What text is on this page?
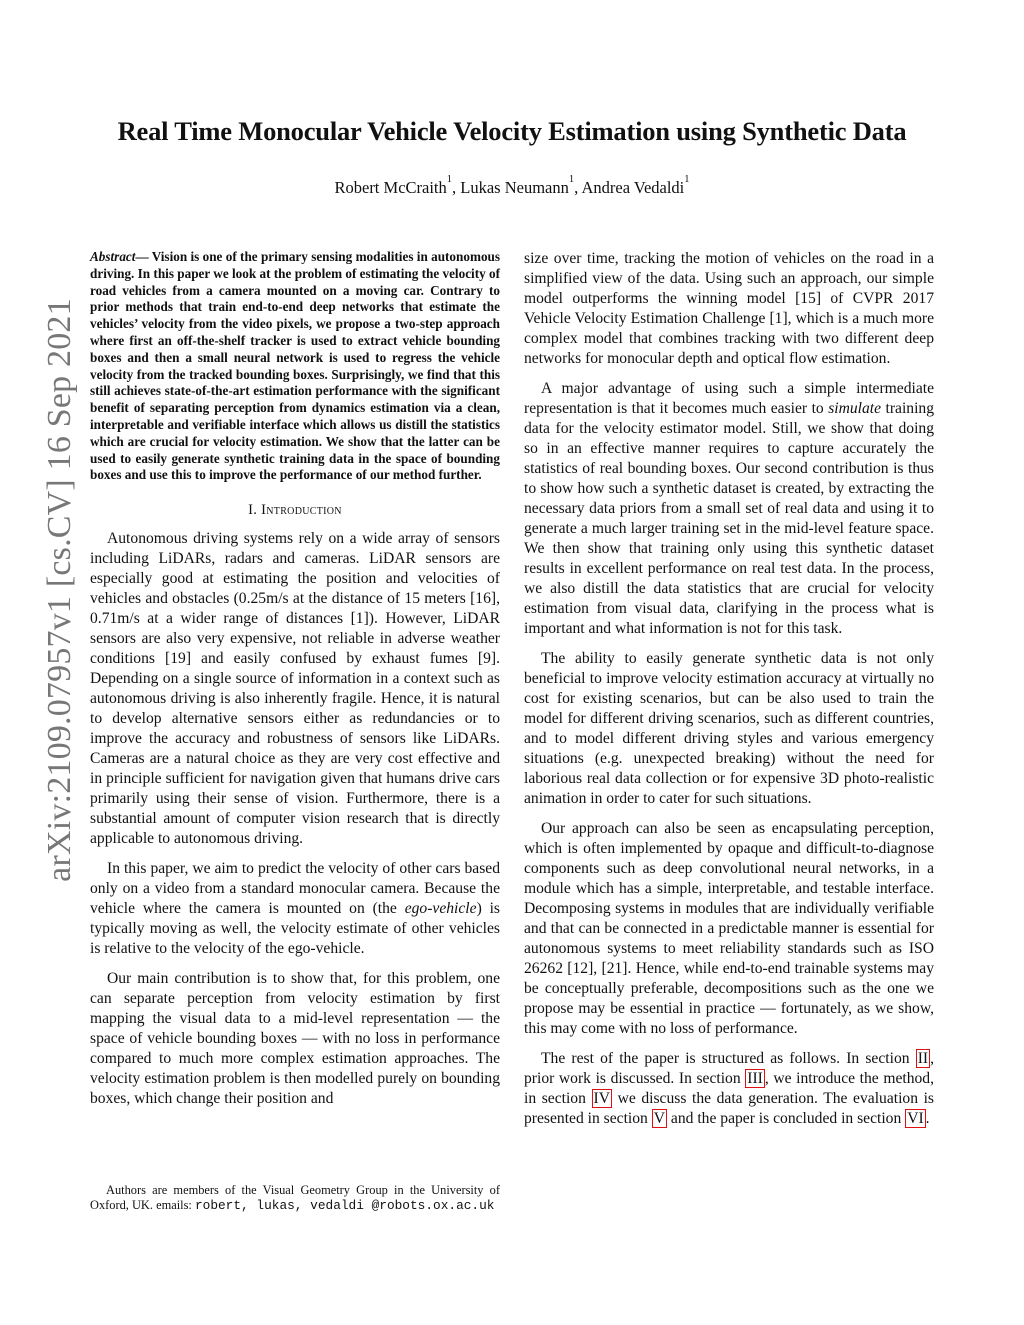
arXiv:2109.07957v1 [cs.CV] 16 Sep 2021
Real Time Monocular Vehicle Velocity Estimation using Synthetic Data
Robert McCraith$^1$, Lukas Neumann$^1$, Andrea Vedaldi$^1$

Abstract— Vision is one of the primary sensing modalities in autonomous driving. In this paper we look at the problem of estimating the velocity of road vehicles from a camera mounted on a moving car. Contrary to prior methods that train end-to-end deep networks that estimate the vehicles’ velocity from the video pixels, we propose a two-step approach where first an off-the-shelf tracker is used to extract vehicle bounding boxes and then a small neural network is used to regress the vehicle velocity from the tracked bounding boxes. Surprisingly, we find that this still achieves state-of-the-art estimation performance with the significant benefit of separating perception from dynamics estimation via a clean, interpretable and verifiable interface which allows us distill the statistics which are crucial for velocity estimation. We show that the latter can be used to easily generate synthetic training data in the space of bounding boxes and use this to improve the performance of our method further.

I. Introduction

Autonomous driving systems rely on a wide array of sensors including LiDARs, radars and cameras. LiDAR sensors are especially good at estimating the position and velocities of vehicles and obstacles (0.25m/s at the distance of 15 meters [16], 0.71m/s at a wider range of distances [1]). However, LiDAR sensors are also very expensive, not reliable in adverse weather conditions [19] and easily confused by exhaust fumes [9]. Depending on a single source of information in a context such as autonomous driving is also inherently fragile. Hence, it is natural to develop alternative sensors either as redundancies or to improve the accuracy and robustness of sensors like LiDARs. Cameras are a natural choice as they are very cost effective and in principle sufficient for navigation given that humans drive cars primarily using their sense of vision. Furthermore, there is a substantial amount of computer vision research that is directly applicable to autonomous driving.

In this paper, we aim to predict the velocity of other cars based only on a video from a standard monocular camera. Because the vehicle where the camera is mounted on (the ego-vehicle) is typically moving as well, the velocity estimate of other vehicles is relative to the velocity of the ego-vehicle.

Our main contribution is to show that, for this problem, one can separate perception from velocity estimation by first mapping the visual data to a mid-level representation — the space of vehicle bounding boxes — with no loss in performance compared to much more complex estimation approaches. The velocity estimation problem is then modelled purely on bounding boxes, which change their position and

Authors are members of the Visual Geometry Group in the University of Oxford, UK. emails: robert, lukas, vedaldi @robots.ox.ac.uk

size over time, tracking the motion of vehicles on the road in a simplified view of the data. Using such an approach, our simple model outperforms the winning model [15] of CVPR 2017 Vehicle Velocity Estimation Challenge [1], which is a much more complex model that combines tracking with two different deep networks for monocular depth and optical flow estimation.

A major advantage of using such a simple intermediate representation is that it becomes much easier to simulate training data for the velocity estimator model. Still, we show that doing so in an effective manner requires to capture accurately the statistics of real bounding boxes. Our second contribution is thus to show how such a synthetic dataset is created, by extracting the necessary data priors from a small set of real data and using it to generate a much larger training set in the mid-level feature space. We then show that training only using this synthetic dataset results in excellent performance on real test data. In the process, we also distill the data statistics that are crucial for velocity estimation from visual data, clarifying in the process what is important and what information is not for this task.

The ability to easily generate synthetic data is not only beneficial to improve velocity estimation accuracy at virtually no cost for existing scenarios, but can be also used to train the model for different driving scenarios, such as different countries, and to model different driving styles and various emergency situations (e.g. unexpected breaking) without the need for laborious real data collection or for expensive 3D photo-realistic animation in order to cater for such situations.

Our approach can also be seen as encapsulating perception, which is often implemented by opaque and difficult-to-diagnose components such as deep convolutional neural networks, in a module which has a simple, interpretable, and testable interface. Decomposing systems in modules that are individually verifiable and that can be connected in a predictable manner is essential for autonomous systems to meet reliability standards such as ISO 26262 [12], [21]. Hence, while end-to-end trainable systems may be conceptually preferable, decompositions such as the one we propose may be essential in practice — fortunately, as we show, this may come with no loss of performance.

The rest of the paper is structured as follows. In section II , prior work is discussed. In section III , we introduce the method, in section IV we discuss the data generation. The evaluation is presented in section V and the paper is concluded in section VI .
